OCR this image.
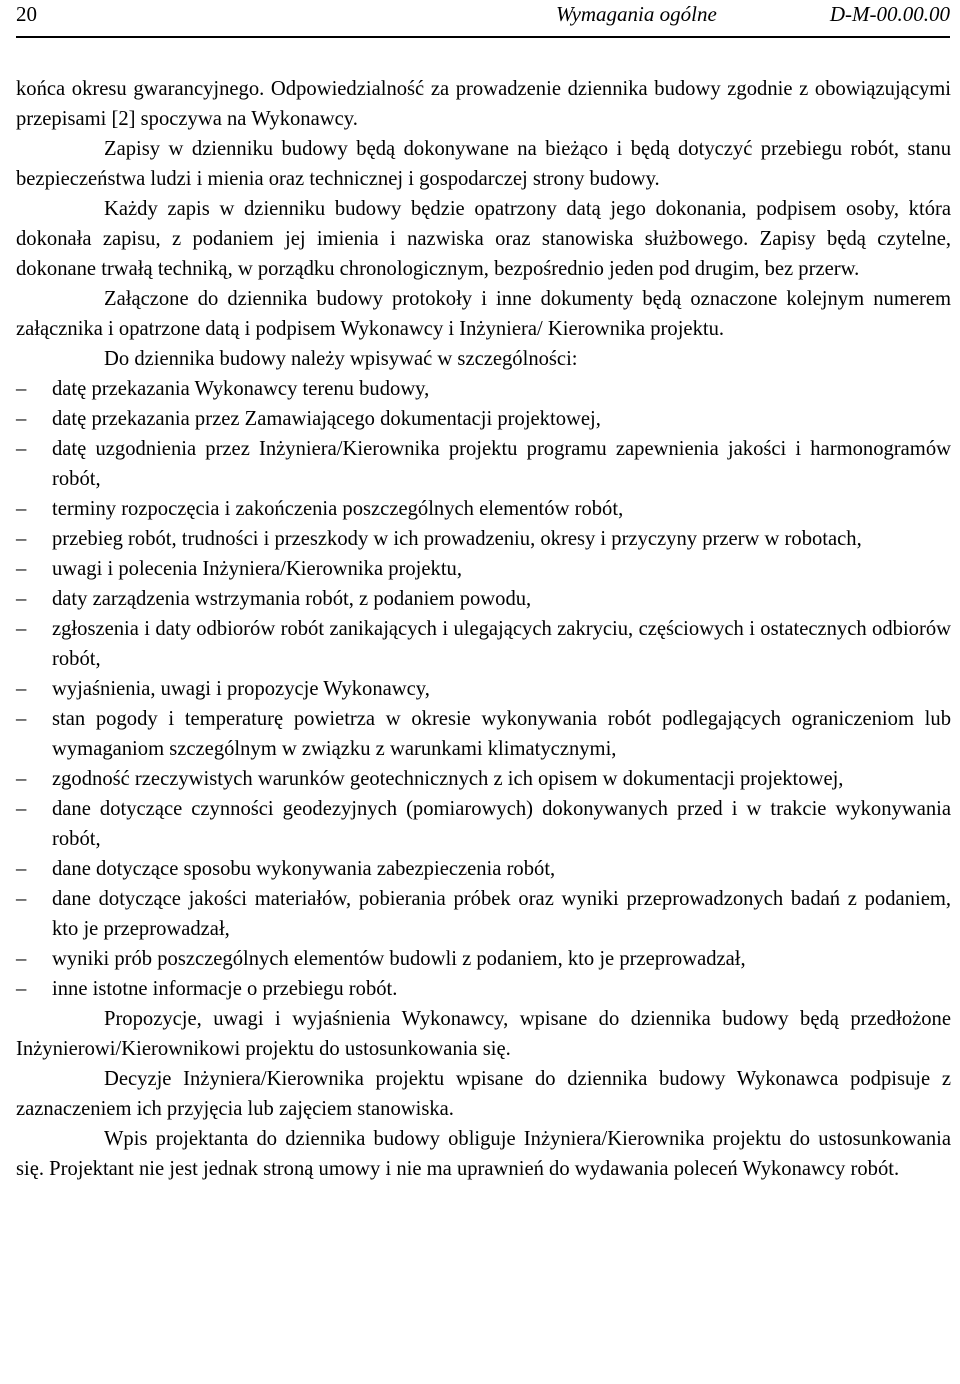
20	Wymagania ogólne	D-M-00.00.00

końca okresu gwarancyjnego. Odpowiedzialność za prowadzenie dziennika budowy zgodnie z obowiązującymi przepisami [2] spoczywa na Wykonawcy.

Zapisy w dzienniku budowy będą dokonywane na bieżąco i będą dotyczyć przebiegu robót, stanu bezpieczeństwa ludzi i mienia oraz technicznej i gospodarczej strony budowy.

Każdy zapis w dzienniku budowy będzie opatrzony datą jego dokonania, podpisem osoby, która dokonała zapisu, z podaniem jej imienia i nazwiska oraz stanowiska służbowego. Zapisy będą czytelne, dokonane trwałą techniką, w porządku chronologicznym, bezpośrednio jeden pod drugim, bez przerw.

Załączone do dziennika budowy protokoły i inne dokumenty będą oznaczone kolejnym numerem załącznika i opatrzone datą i podpisem Wykonawcy i Inżyniera/ Kierownika projektu.

Do dziennika budowy należy wpisywać w szczególności:

–	datę przekazania Wykonawcy terenu budowy,
–	datę przekazania przez Zamawiającego dokumentacji projektowej,
–	datę uzgodnienia przez Inżyniera/Kierownika projektu programu zapewnienia jakości i harmonogramów robót,
–	terminy rozpoczęcia i zakończenia poszczególnych elementów robót,
–	przebieg robót, trudności i przeszkody w ich prowadzeniu, okresy i przyczyny przerw w robotach,
–	uwagi i polecenia Inżyniera/Kierownika projektu,
–	daty zarządzenia wstrzymania robót, z podaniem powodu,
–	zgłoszenia i daty odbiorów robót zanikających i ulegających zakryciu, częściowych i ostatecznych odbiorów robót,
–	wyjaśnienia, uwagi i propozycje Wykonawcy,
–	stan pogody i temperaturę powietrza w okresie wykonywania robót podlegających ograniczeniom lub wymaganiom szczególnym w związku z warunkami klimatycznymi,
–	zgodność rzeczywistych warunków geotechnicznych z ich opisem w dokumentacji projektowej,
–	dane dotyczące czynności geodezyjnych (pomiarowych) dokonywanych przed i w trakcie wykonywania robót,
–	dane dotyczące sposobu wykonywania zabezpieczenia robót,
–	dane dotyczące jakości materiałów, pobierania próbek oraz wyniki przeprowadzonych badań z podaniem, kto je przeprowadzał,
–	wyniki prób poszczególnych elementów budowli z podaniem, kto je przeprowadzał,
–	inne istotne informacje o przebiegu robót.

Propozycje, uwagi i wyjaśnienia Wykonawcy, wpisane do dziennika budowy będą przedłożone Inżynierowi/Kierownikowi projektu do ustosunkowania się.

Decyzje Inżyniera/Kierownika projektu wpisane do dziennika budowy Wykonawca podpisuje z zaznaczeniem ich przyjęcia lub zajęciem stanowiska.

Wpis projektanta do dziennika budowy obliguje Inżyniera/Kierownika projektu do ustosunkowania się. Projektant nie jest jednak stroną umowy i nie ma uprawnień do wydawania poleceń Wykonawcy robót.
